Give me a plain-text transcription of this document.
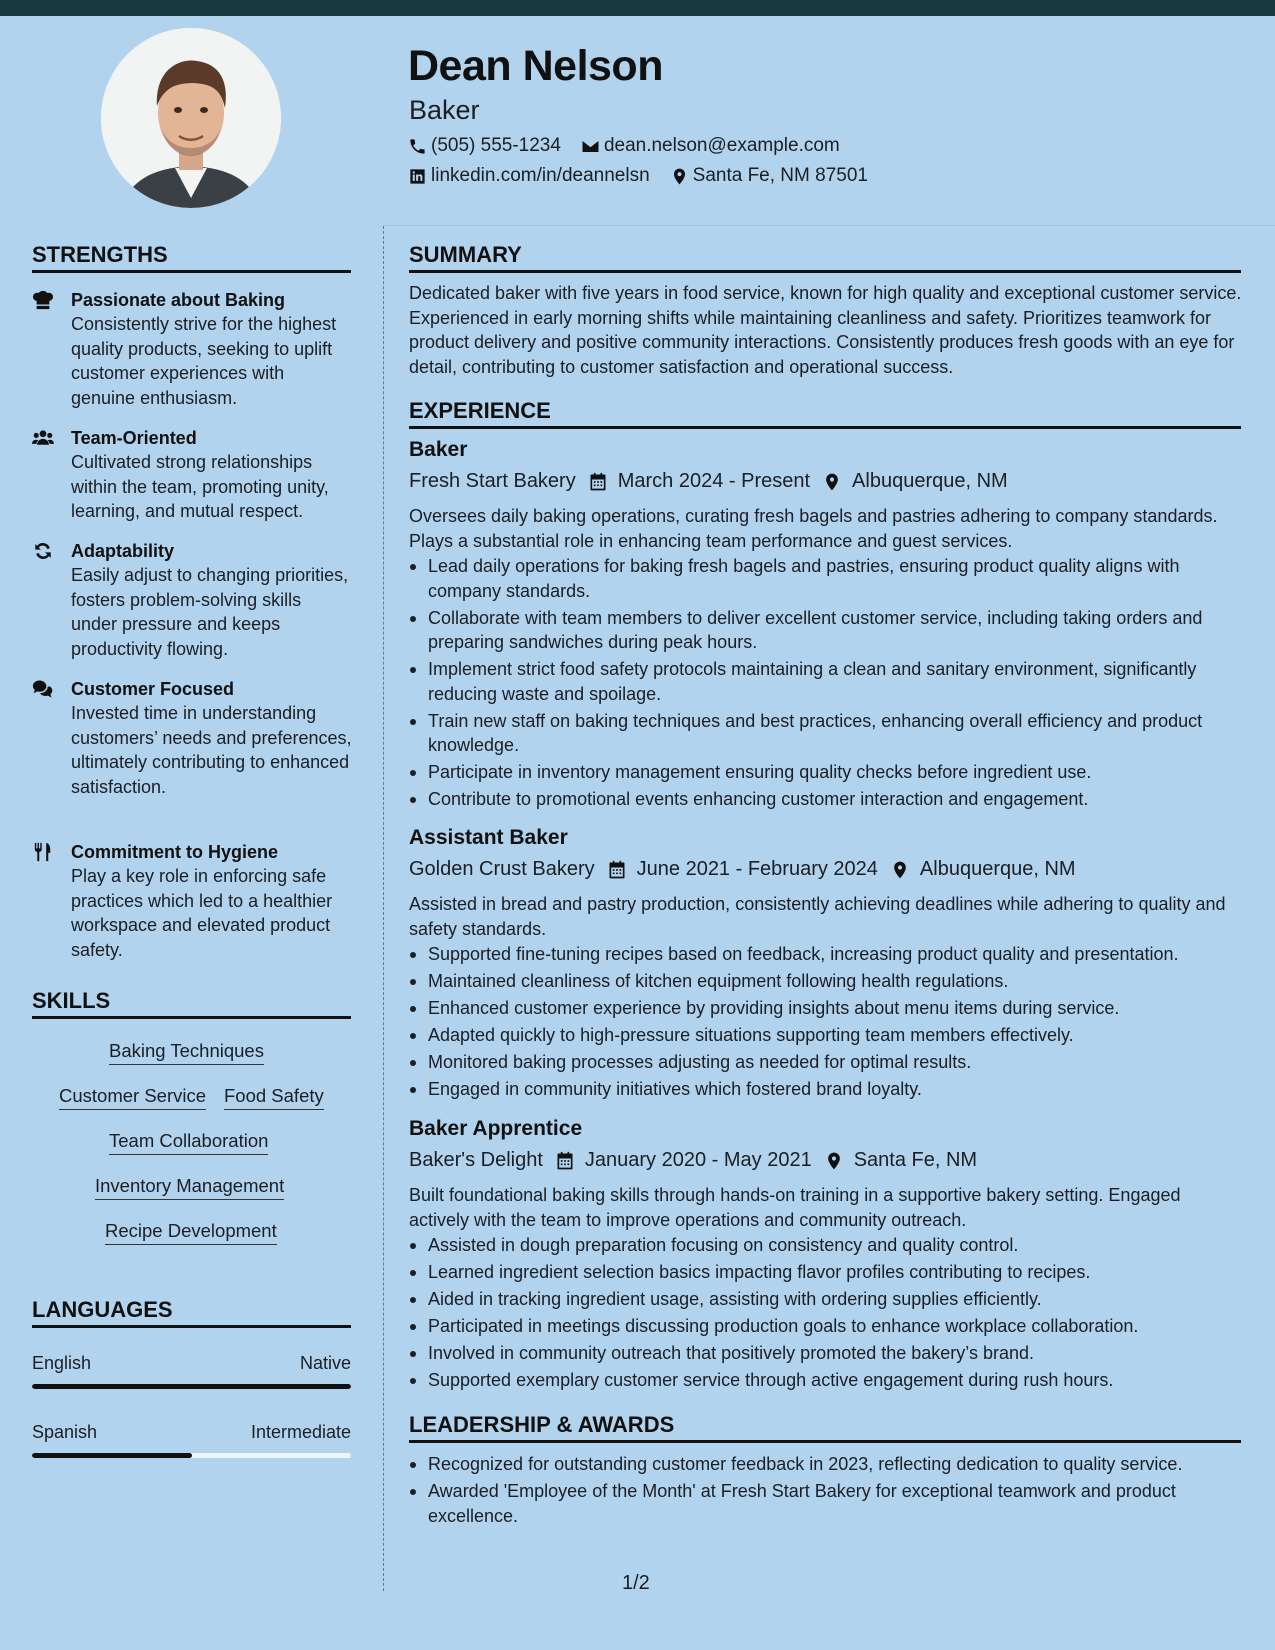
Dean Nelson
Baker
(505) 555-1234 dean.nelson@example.com
linkedin.com/in/deannelsn Santa Fe, NM 87501
STRENGTHS
Passionate about Baking
Consistently strive for the highest quality products, seeking to uplift customer experiences with genuine enthusiasm.
Team-Oriented
Cultivated strong relationships within the team, promoting unity, learning, and mutual respect.
Adaptability
Easily adjust to changing priorities, fosters problem-solving skills under pressure and keeps productivity flowing.
Customer Focused
Invested time in understanding customers’ needs and preferences, ultimately contributing to enhanced satisfaction.
Commitment to Hygiene
Play a key role in enforcing safe practices which led to a healthier workspace and elevated product safety.
SKILLS
Baking Techniques
Customer Service Food Safety
Team Collaboration
Inventory Management
Recipe Development
LANGUAGES
English	Native
Spanish	Intermediate
SUMMARY
Dedicated baker with five years in food service, known for high quality and exceptional customer service. Experienced in early morning shifts while maintaining cleanliness and safety. Prioritizes teamwork for product delivery and positive community interactions. Consistently produces fresh goods with an eye for detail, contributing to customer satisfaction and operational success.
EXPERIENCE
Baker
Fresh Start Bakery March 2024 - Present Albuquerque, NM
Oversees daily baking operations, curating fresh bagels and pastries adhering to company standards. Plays a substantial role in enhancing team performance and guest services.
Lead daily operations for baking fresh bagels and pastries, ensuring product quality aligns with company standards.
Collaborate with team members to deliver excellent customer service, including taking orders and preparing sandwiches during peak hours.
Implement strict food safety protocols maintaining a clean and sanitary environment, significantly reducing waste and spoilage.
Train new staff on baking techniques and best practices, enhancing overall efficiency and product knowledge.
Participate in inventory management ensuring quality checks before ingredient use.
Contribute to promotional events enhancing customer interaction and engagement.
Assistant Baker
Golden Crust Bakery June 2021 - February 2024 Albuquerque, NM
Assisted in bread and pastry production, consistently achieving deadlines while adhering to quality and safety standards.
Supported fine-tuning recipes based on feedback, increasing product quality and presentation.
Maintained cleanliness of kitchen equipment following health regulations.
Enhanced customer experience by providing insights about menu items during service.
Adapted quickly to high-pressure situations supporting team members effectively.
Monitored baking processes adjusting as needed for optimal results.
Engaged in community initiatives which fostered brand loyalty.
Baker Apprentice
Baker's Delight January 2020 - May 2021 Santa Fe, NM
Built foundational baking skills through hands-on training in a supportive bakery setting. Engaged actively with the team to improve operations and community outreach.
Assisted in dough preparation focusing on consistency and quality control.
Learned ingredient selection basics impacting flavor profiles contributing to recipes.
Aided in tracking ingredient usage, assisting with ordering supplies efficiently.
Participated in meetings discussing production goals to enhance workplace collaboration.
Involved in community outreach that positively promoted the bakery’s brand.
Supported exemplary customer service through active engagement during rush hours.
LEADERSHIP & AWARDS
Recognized for outstanding customer feedback in 2023, reflecting dedication to quality service.
Awarded 'Employee of the Month' at Fresh Start Bakery for exceptional teamwork and product excellence.
1/2
